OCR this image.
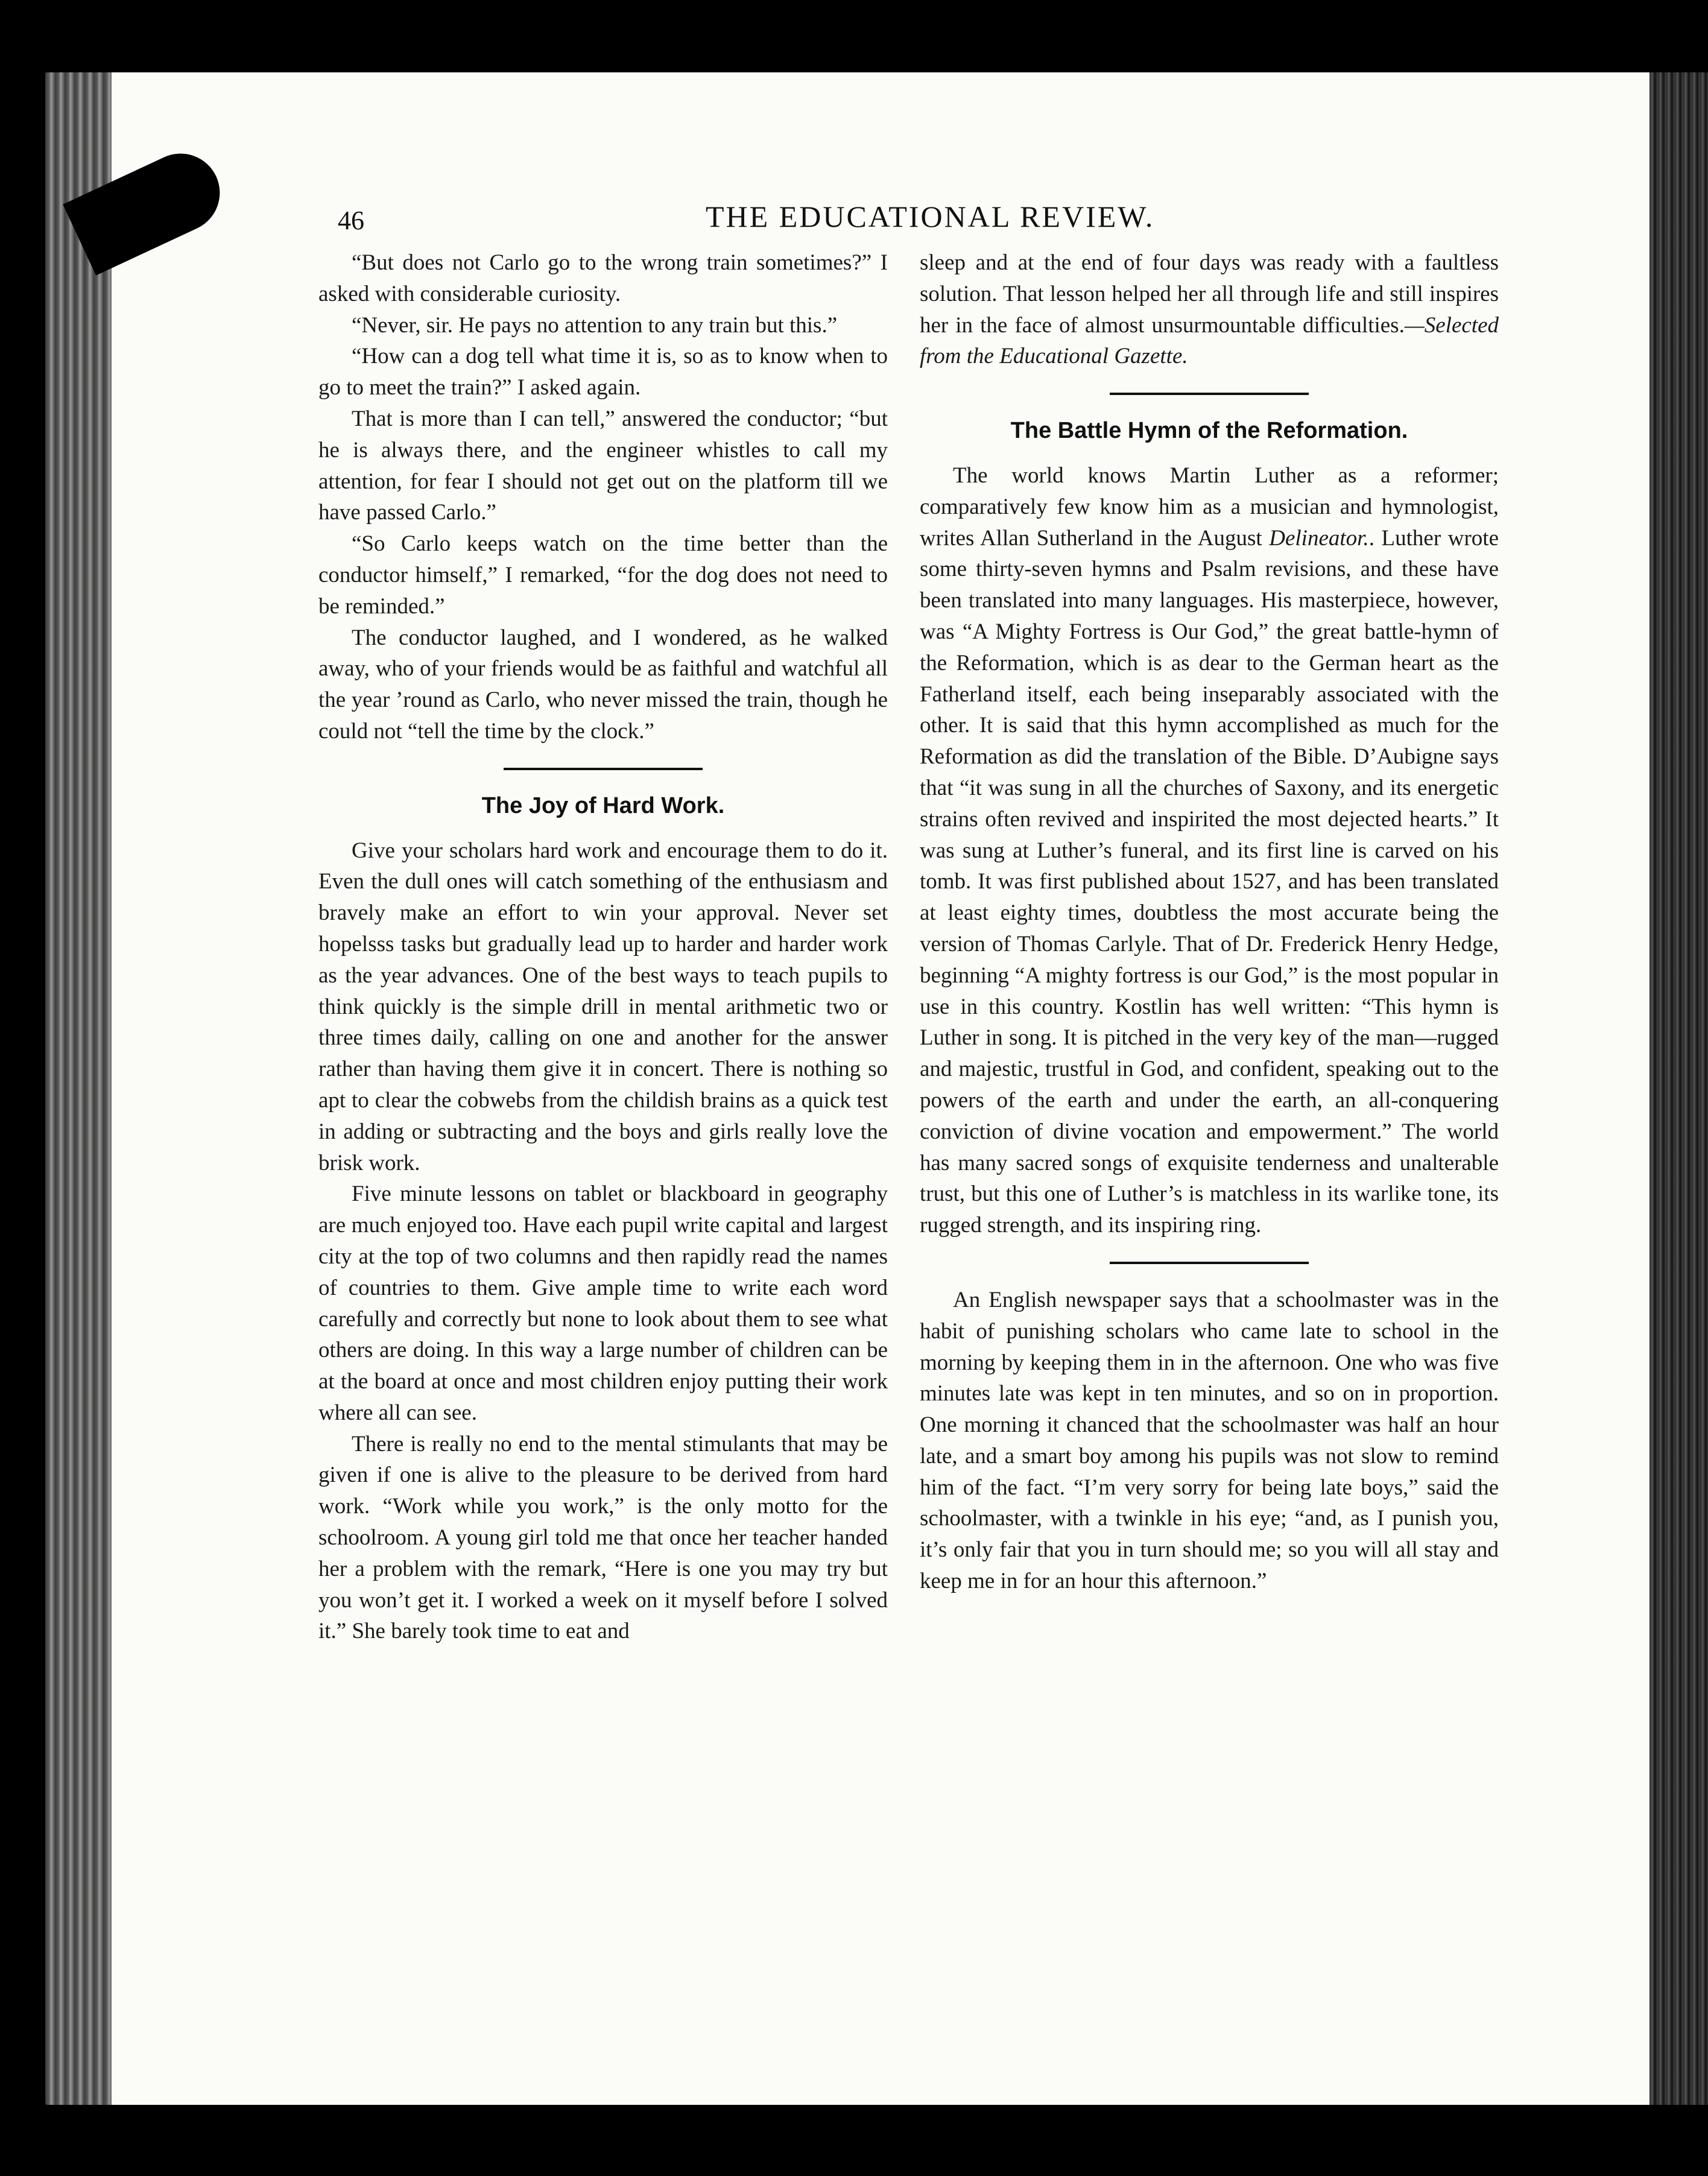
46	THE EDUCATIONAL REVIEW.

“But does not Carlo go to the wrong train sometimes?” I asked with considerable curiosity.

“Never, sir. He pays no attention to any train but this.”

“How can a dog tell what time it is, so as to know when to go to meet the train?” I asked again.

That is more than I can tell,” answered the conductor; “but he is always there, and the engineer whistles to call my attention, for fear I should not get out on the platform till we have passed Carlo.”

“So Carlo keeps watch on the time better than the conductor himself,” I remarked, “for the dog does not need to be reminded.”

The conductor laughed, and I wondered, as he walked away, who of your friends would be as faithful and watchful all the year ’round as Carlo, who never missed the train, though he could not “tell the time by the clock.”

The Joy of Hard Work.

Give your scholars hard work and encourage them to do it. Even the dull ones will catch something of the enthusiasm and bravely make an effort to win your approval. Never set hopelsss tasks but gradually lead up to harder and harder work as the year advances. One of the best ways to teach pupils to think quickly is the simple drill in mental arithmetic two or three times daily, calling on one and another for the answer rather than having them give it in concert. There is nothing so apt to clear the cobwebs from the childish brains as a quick test in adding or subtracting and the boys and girls really love the brisk work.

Five minute lessons on tablet or blackboard in geography are much enjoyed too. Have each pupil write capital and largest city at the top of two columns and then rapidly read the names of countries to them. Give ample time to write each word carefully and correctly but none to look about them to see what others are doing. In this way a large number of children can be at the board at once and most children enjoy putting their work where all can see.

There is really no end to the mental stimulants that may be given if one is alive to the pleasure to be derived from hard work. “Work while you work,” is the only motto for the schoolroom. A young girl told me that once her teacher handed her a problem with the remark, “Here is one you may try but you won’t get it. I worked a week on it myself before I solved it.” She barely took time to eat and

sleep and at the end of four days was ready with a faultless solution. That lesson helped her all through life and still inspires her in the face of almost unsurmountable difficulties.—Selected from the Educational Gazette.

The Battle Hymn of the Reformation.

The world knows Martin Luther as a reformer; comparatively few know him as a musician and hymnologist, writes Allan Sutherland in the August Delineator.. Luther wrote some thirty-seven hymns and Psalm revisions, and these have been translated into many languages. His masterpiece, however, was “A Mighty Fortress is Our God,” the great battle-hymn of the Reformation, which is as dear to the German heart as the Fatherland itself, each being inseparably associated with the other. It is said that this hymn accomplished as much for the Reformation as did the translation of the Bible. D’Aubigne says that “it was sung in all the churches of Saxony, and its energetic strains often revived and inspirited the most dejected hearts.” It was sung at Luther’s funeral, and its first line is carved on his tomb. It was first published about 1527, and has been translated at least eighty times, doubtless the most accurate being the version of Thomas Carlyle. That of Dr. Frederick Henry Hedge, beginning “A mighty fortress is our God,” is the most popular in use in this country. Kostlin has well written: “This hymn is Luther in song. It is pitched in the very key of the man—rugged and majestic, trustful in God, and confident, speaking out to the powers of the earth and under the earth, an all-conquering conviction of divine vocation and empowerment.” The world has many sacred songs of exquisite tenderness and unalterable trust, but this one of Luther’s is matchless in its warlike tone, its rugged strength, and its inspiring ring.

An English newspaper says that a schoolmaster was in the habit of punishing scholars who came late to school in the morning by keeping them in in the afternoon. One who was five minutes late was kept in ten minutes, and so on in proportion. One morning it chanced that the schoolmaster was half an hour late, and a smart boy among his pupils was not slow to remind him of the fact. “I’m very sorry for being late boys,” said the schoolmaster, with a twinkle in his eye; “and, as I punish you, it’s only fair that you in turn should me; so you will all stay and keep me in for an hour this afternoon.”
